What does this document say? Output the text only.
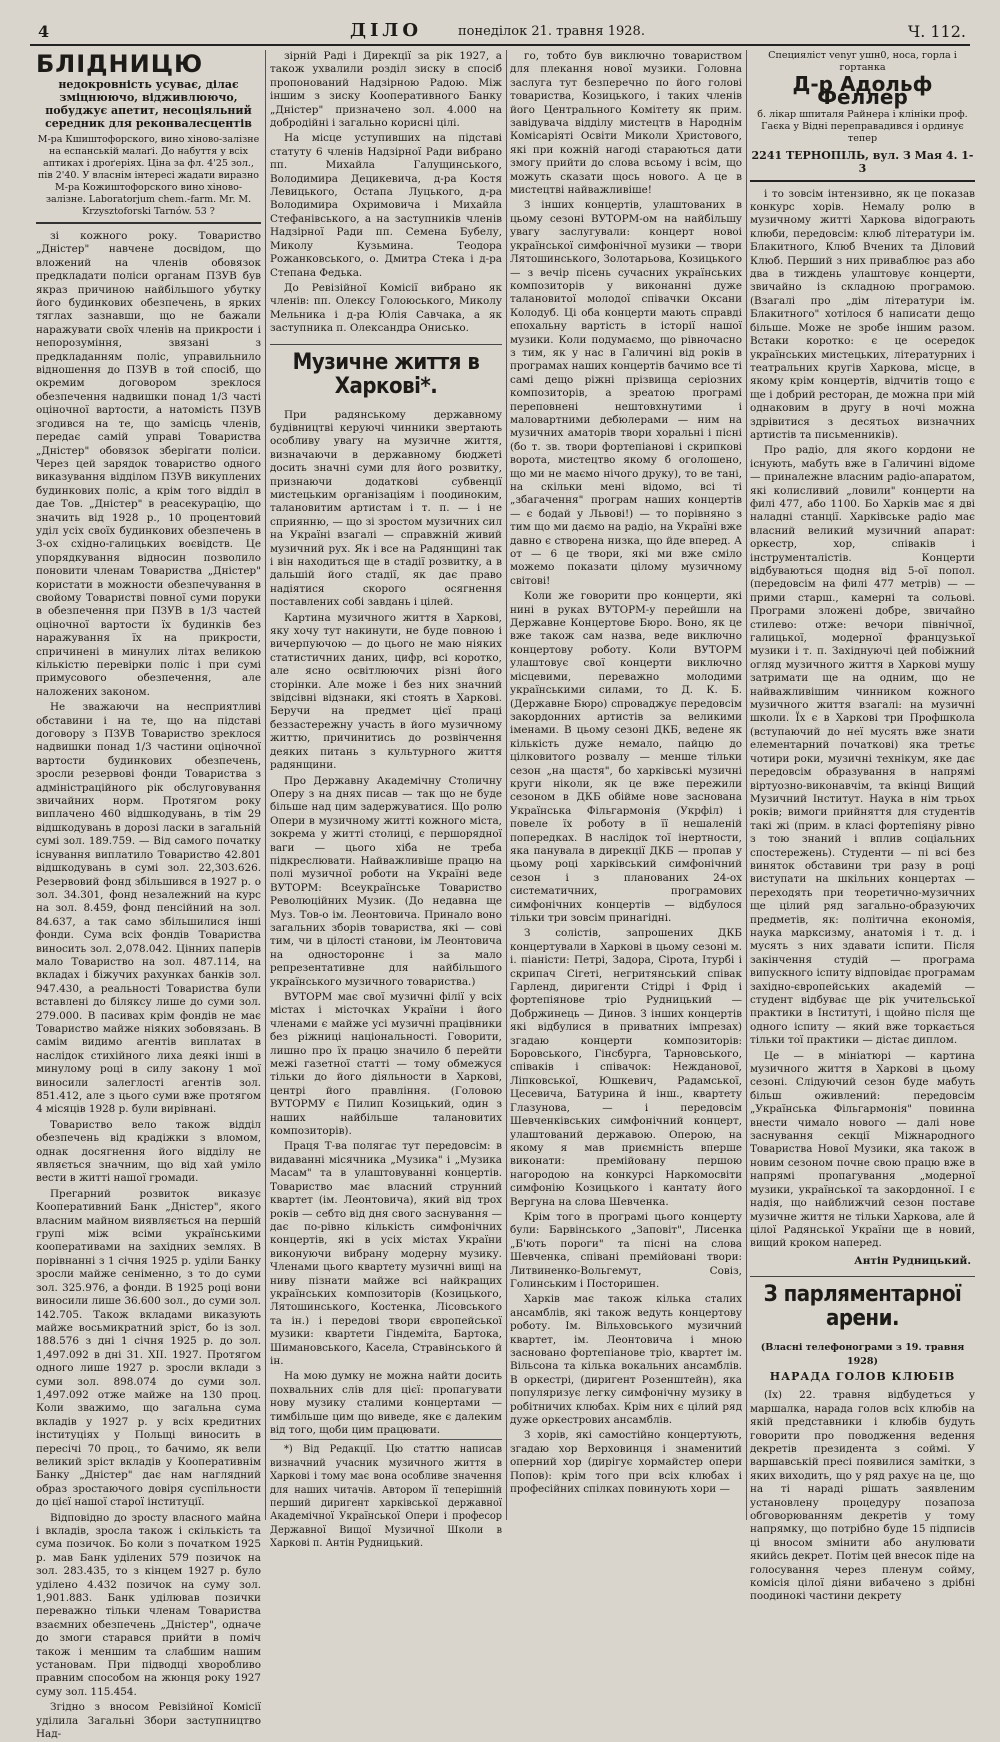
4	ДІЛО	понеділок 21. травня 1928.	Ч. 112.
БЛІДНИЦЮ
недокровність усуває, ділає зміцнюючо, відживлюючо, побуджує апетит, несоціяльний середник для реконвалесцентів
М-ра Кшиштофорского, вино хіново-залізне на еспанській малаґі. До набуття у всіх аптиках і дроґеріях. Ціна за фл. 4'25 зол., пів 2'40. У власнім інтересі жадати виразно М-ра Кожиштофорского вино хіново-залізне. Laboratorjum chem.-farm. Mr. M. Krzysztoforski Tarnów. 53 ?

зі кожного року. Товариство „Дністер" навчене досвідом, що вложений на членів обовязок предкладати поліси органам ПЗУВ був якраз причиною найбільшого убутку його будинкових обезпечень, в ярких тяглах зазнавши, що не бажали наражувати своїх членів на прикрости і непорозуміння, звязані з предкладанням поліс, управильнило відношення до ПЗУВ в той спосіб, що окремим договором зреклося обезпечення надвишки понад 1/3 часті оціночної вартости, а натомість ПЗУВ згодився на те, що замісць членів, передає самій управі Товариства „Дністер" обовязок зберігати поліси. Через цей зарядок товариство одного виказування відділом ПЗУВ викуплених будинкових поліс, а крім того відділ в дае Тов. „Дністер" в реасекурацію, що значить від 1928 р., 10 процентовий уділ усіх своїх будинкових обезпечень в 3-ох східно-галицьких воєвідств. Це упорядкування відносин позволило поновити членам Товариства „Дністер" користати в можности обезпечування в свойому Товаристві повної суми поруки в обезпечення при ПЗУВ в 1/3 частей оціночної вартости їх будинків без наражування їх на прикрости, спричинені в минулих літах великою кількістю перевірки поліс і при сумі примусового обезпечення, але наложених законом.

Не зважаючи на несприятливі обставини і на те, що на підставі договору з ПЗУВ Товариство зреклося надвишки понад 1/3 частини оціночної вартости будинкових обезпечень, зросли резервові фонди Товариства з адміністраційного рік обслуговування звичайних норм. Протягом року виплачено 460 відшкодувань, в тім 29 відшкодувань в дорозі ласки в загальній сумі зол. 189.759. — Від самого початку існування виплатило Товариство 42.801 відшкодувань в сумі зол. 22,303.626. Резервовий фонд збільшився в 1927 р. о зол. 34.301, фонд незалежний на курс на зол. 8.459, фонд пенсійний на зол. 84.637, а так само збільшилися інші фонди. Сума всіх фондів Товариства виносить зол. 2,078.042. Цінних паперів мало Товариство на зол. 487.114, на вкладах і біжучих рахунках банків зол. 947.430, а реальності Товариства були вставлені до біляксу лише до суми зол. 279.000. В пасивах крім фондів не має Товариство майже ніяких зобовязань. В самім видимо агентів виплатах в наслідок стихійного лиха деякі інші в минулому році в силу закону 1 мої виносили залеглості агентів зол. 851.412, але з цього суми вже протягом 4 місяців 1928 р. були вирівнані.

Товариство вело також відділ обезпечень від крадіжки з вломом, однак досягнення його відділу не являється значним, що від хай уміло вести в житті нашої громади.

Прегарний розвиток виказує Кооперативний Банк „Дністер", якого власним майном виявляється на першій групі між всіми українськими кооперативами на західних землях. В порівнанні з 1 січня 1925 р. уділи Банку зросли майже сеніменно, з то до суми зол. 325.976, а фонди. В 1925 році вони виносили лише 36.600 зол., до суми зол. 142.705. Також вкладами виказують майже восьмикратний зріст, бо із зол. 188.576 з дні 1 січня 1925 р. до зол. 1,497.092 в дні 31. XII. 1927. Протягом одного лише 1927 р. зросли вклади з суми зол. 898.074 до суми зол. 1,497.092 отже майже на 130 проц. Коли зважимо, що загальна сума вкладів у 1927 р. у всіх кредитних інституціях у Польщі виносить в пересічі 70 проц., то бачимо, як вели великий зріст вкладів у Кооперативнім Банку „Дністер" дає нам наглядний образ зростаючого довіря суспільности до цієї нашої старої інституції.

Відповідно до зросту власного майна і вкладів, зросла також і скількість та сума позичок. Бо коли з початком 1925 р. мав Банк уділених 579 позичок на зол. 283.435, то з кінцем 1927 р. було уділено 4.432 позичок на суму зол. 1,901.883. Банк уділював позички переважно тільки членам Товариства взаємних обезпечень „Дністер", одначе до змоги старався прийти в поміч також і меншим та слабшим нашим установам. При підводці хворобливо правним способом на жюнця року 1927 суму зол. 115.454.

Згідно з вносом Ревізійної Комісії уділила Загальні Збори заступництво Над-

зірній Раді і Дирекції за рік 1927, а також ухвалили розділ зиску в спосіб пропонований Надзірною Радою. Між іншим з зиску Кооперативного Банку „Дністер" призначено зол. 4.000 на добродійні і загально корисні цілі.

На місце уступивших на підставі статуту 6 членів Надзірної Ради вибрано пп. Михайла Галущинського, Володимира Децикевича, д-ра Костя Левицького, Остапа Луцького, д-ра Володимира Охримовича і Михайла Стефанівського, а на заступників членів Надзірної Ради пп. Семена Бубелу, Миколу Кузьмина. Теодора Рожанковського, о. Дмитра Стека і д-ра Степана Федька.

До Ревізійної Комісії вибрано як членів: пп. Олексу Голоюського, Миколу Мельника і д-ра Юлія Савчака, а як заступника п. Олександра Онисько.

Музичне життя в Харкові*.

При радянському державному будівництві керуючі чинники звертають особливу увагу на музичне життя, визначаючи в державному бюджеті досить значні суми для його розвитку, признаючи додаткові субвенції мистецьким організаціям і поодиноким, талановитим артистам і т. п. — і не сприянню, — що зі зростом музичних сил на Україні взагалі — справжній живий музичний рух. Як і все на Радянщині так і він находиться ще в стадії розвитку, а в дальшій його стадії, як дає право надіятися скорого осягнення поставлених собі завдань і цілей.

Картина музичного життя в Харкові, яку хочу тут накинути, не буде повною і вичерпуючою — до цього не маю ніяких статистичних даних, цифр, всі коротко, але ясно освітлюючих різні його сторінки. Але може і без них значний звідсівні відзнаки, які стоять в Харкові. Беручи на предмет цієї праці беззастережну участь в його музичному життю, причинитись до розвінчення деяких питань з культурного життя радянщини.

Про Державну Академічну Столичну Оперу з на днях писав — так що не буде більше над цим задержуватися. Що ролю Опери в музичному житті кожного міста, зокрема у житті столиці, є першорядної ваги — цього хіба не треба підкреслювати. Найважливіше працю на полі музичної роботи на Україні веде ВУТОРМ: Всеукраїнське Товариство Революційних Музик. (До недавна ще Муз. Тов-о ім. Леонтовича. Принало воно загальних зборів товариства, які — сові тим, чи в цілості станови, ім Леонтовича на одностороннє і за мало репрезентативне для найбільшого українського музичного товариства.)

ВУТОРМ має свої музичні філії у всіх містах і місточках України і його членами є майже усі музичні працівники без ріжниці національності. Говорити, лишно про їх працю значило б перейти межі газетної статті — тому обмежуся тільки до його діяльности в Харкові, центрі його правління. (Головою ВУТОРМУ є Пилип Козицький, один з наших найбільше талановитих композиторів).

Праця Т-ва полягає тут передовсім: в видаванні місячника „Музика" і „Музика Масам" та в улаштовуванні концертів. Товариство має власний струнний квартет (ім. Леонтовича), який від трох років — себто від дня свого заснування — дає по-рівно кількість симфонічних концертів, які в усіх містах України виконуючи вибрану модерну музику. Членами цього квартету музичні вищі на ниву пізнати майже всі найкращих українських композиторів (Козицького, Лятошинського, Костенка, Лісовського та ін.) і передові твори європейської музики: квартети Гіндеміта, Бартока, Шимановського, Касела, Стравінського й ін.

На мою думку не можна найти досить похвальних слів для цієї: пропагувати нову музику сталими концертами — тимбільше цим що виведе, яке є далеким від того, щоби цим працювати.

*) Від Редакції. Цю статтю написав визначний учасник музичного життя в Харкові і тому має вона особливе значення для наших читачів. Автором її теперішній перший диригент харківської державної Академічної Української Опери і професор Державної Вищої Музичної Школи в Харкові п. Антін Рудницький.

го, тобто був виключно товариством для плекання нової музики. Головна заслуга тут безперечно по його голові товариства, Козицького, і таких членів його Центрального Комітету як прим. завідувача відділу мистецтв в Народнім Комісаріяті Освіти Миколи Христового, які при кожній нагоді стараються дати змогу прийти до слова всьому і всім, що можуть сказати щось нового. А це в мистецтві найважливіше!

З інших концертів, улаштованих в цьому сезоні ВУТОРМ-ом на найбільшу увагу заслугували: концерт новоі української симфонічної музики — твори Лятошинського, Золотарьова, Козицького — з вечір пісень сучасних українських композиторів у виконанні дуже талановитої молодої співачки Оксани Колодуб. Ці оба концерти мають справді епохальну вартість в історії нашої музики. Коли подумаємо, що рівночасно з тим, як у нас в Галичині від років в програмах наших концертів бачимо все ті самі дещо ріжні прізвища серіозних композиторів, а зреатою програмі переповнені нештовхнутими і маловартними дебюлерами — ним на музичних аматорів твори хоральні і пісні (бо т. зв. твори фортепіанові і скрипкові ворота, мистецтво якому б оголошено, що ми не маємо нічого друку), то ве тані, на скільки мені відомо, всі ті „збагачення" програм наших концертів — є бодай у Львові!) — то порівняно з тим що ми даємо на радіо, на Україні вже давно є створена низка, що йде вперед. А от — 6 це твори, які ми вже сміло можемо показати цілому музичному світові!

Коли же говорити про концерти, які нині в руках ВУТОРМ-у перейшли на Державне Концертове Бюро. Воно, як це вже також сам назва, веде виключно концертову роботу. Коли ВУТОРМ улаштовує свої концерти виключно місцевими, переважно молодими українськими силами, то Д. К. Б. (Державне Бюро) спроваджує передовсім закордонних артистів за великими іменами. В цьому сезоні ДКБ, ведене як кількість дуже немало, пайцю до цілковитого розвалу — менше тільки сезон „на щастя", бо харківські музичні круги ніколи, як це вже пережили сезоном в ДКБ обійме нове заснована Українська Фільгармонія (Укрфіл) і повеле їх роботу в її нешаленій попередках. В наслідок тої інертности, яка панувала в дирекції ДКБ — пропав у цьому році харківський симфонічний сезон і з планованих 24-ох систематичних, програмових симфонічних концертів — відбулося тільки три зовсім принагідні.

З солістів, запрошених ДКБ концертували в Харкові в цьому сезоні м. і. піаністи: Петрі, Задора, Сірота, Ітурбі і скрипач Сігеті, негритянський співак Гарленд, диригенти Стідрі і Фрід і фортепіянове тріо Рудницький — Добржинець — Динов. З інших концертів які відбулися в приватних імпрезах) згадаю концерти композиторів: Боровського, Гінсбурга, Тарновського, співаків і співачок: Нежданової, Ліпковської, Юшкевич, Радамської, Цесевича, Батурина й інш., квартету Глазунова, — і передовсім Шевченківських симфонічний концерт, улаштований державою. Оперою, на якому я мав приємність вперше виконати: премійовану першою нагородою на конкурсі Наркомосвіти симфонію Козицького і кантату його Вергуна на слова Шевченка.

Крім того в програмі цього концерту були: Барвінського „Заповіт", Лисенка „Б'ють пороги" та пісні на слова Шевченка, співані премійовані твори: Литвиненко-Вольгемут, Совіз, Голинським і Посторишен.

Харків має також кілька сталих ансамблів, які також ведуть концертову роботу. Ім. Вільховського музичний квартет, ім. Леонтовича і мною засновано фортепіанове тріо, квартет ім. Вільсона та кілька вокальних ансамблів. В оркестрі, (диригент Розенштейн), яка популяризує легку симфонічну музику в робітничих клюбах. Крім них є цілий ряд дуже оркестрових ансамблів.

З хорів, які самостійно концертують, згадаю хор Верховинця і знаменитий оперний хор (дирігує хормайстер опери Попов): крім того при всіх клюбах і професійних спілках повинують хори —

Специяліст venyr ушн0, носа, горла і гортанка
Д-р Адольф Феллер
б. лікар шпиталя Райнера і клініки проф. Гаєка у Відні переправадився і ординує тепер
2241 ТЕРНОПІЛЬ, вул. З Мая 4. 1-3

і то зовсім інтензивно, як це показав конкурс хорів. Немалу ролю в музичному житті Харкова відограють клюби, передовсім: клюб літератури ім. Блакитного, Клюб Вчених та Діловий Клюб. Перший з них приваблює раз або два в тиждень улаштовує концерти, звичайно із складною програмою. (Взагалі про „дім літератури ім. Блакитного" хотілося б написати дещо більше. Може не зробе іншим разом. Встаки коротко: є це осередок українських мистецьких, літературних і театральних кругів Харкова, місце, в якому крім концертів, відчитів тощо є ще і добрий ресторан, де можна при мій однаковим в другу в ночі можна здрівитися з десятьох визначних артистів та письменників).

Про радіо, для якого кордони не існують, мабуть вже в Галичині відоме — приналежне власним радіо-апаратом, які колисливий „ловили" концерти на филі 477, або 1100. Бо Харків має я дві наладні станції. Харківське радіо має власний великий музичний апарат: оркестр, хор, співаків і інструменталістів. Концерти відбуваються щодня від 5-ої попол. (передовсім на филі 477 метрів) — — прими старш., камерні та сольові. Програми зложені добре, звичайно стилево: отже: вечори північної, галицької, модерної французької музики і т. п. Західнуючі цей побіжний огляд музичного життя в Харкові мушу затримати ще на одним, що не найважливішим чинником кожного музичного життя взагалі: на музичні школи. Їх є в Харкові три Профшкола (вступаючий до неї мусять вже знати елементарний початкові) яка третьє чотири роки, музичні технікум, яке дає передовсім образування в напрямі віртуозно-виконавчім, та вкінці Вищий Музичний Інститут. Наука в нім трьох років; вимоги прийняття для студентів такі жі (прим. в класі фортепіяну рівно з тою знаний і вплив соціальних спостережень). Студенти — пі всі без виняток обставини три разу в році виступати на шкільних концертах — переходять при теоретично-музичних ще цілий ряд загально-образуючих предметів, як: політична економія, наука марксизму, анатомія і т. д. і мусять з них здавати іспити. Після закінчення студій — програма випускного іспиту відповідає програмам західно-європейських академій — студент відбуває ще рік учительської практики в Інституті, і щойно після ще одного іспиту — який вже торкається тільки тої практики — дістає диплом.

Це — в мініатюрі — картина музичного життя в Харкові в цьому сезоні. Слідуючий сезон буде мабуть більш оживлений: передовсім „Українська Фільгармонія" повинна внести чимало нового — далі нове заснування секції Міжнародного Товариства Нової Музики, яка також в новим сезоном почне свою працю вже в напрямі пропагування „модерної музики, української та закордонної. І є надія, що найближчий сезон поставе музичне життя не тільки Харкова, але й цілої Радянської України ще в новий, вищий кроком наперед.

Антін Рудницький.
З парляментарної арени.
(Власні телефонограми з 19. травня 1928)
НАРАДА ГОЛОВ КЛЮБІВ

(Іх) 22. травня відбудеться у маршалка, нарада голов всіх клюбів на якій представники і клюбів будуть говорити про поводження ведення декретів президента з соймі. У варшавській пресі появилися замітки, з яких виходить, що у ряд рахує на це, що на ті нараді рішать заявленим установлену процедуру позапоза обговорюванням декретів у тому напрямку, що потрібно буде 15 підписів ці вносом змінити або анулювати якийсь декрет. Потім цей внесок піде на голосування через пленум сойму, комісія цілої діяни вибачено з дрібні поодинокі частини декрету
